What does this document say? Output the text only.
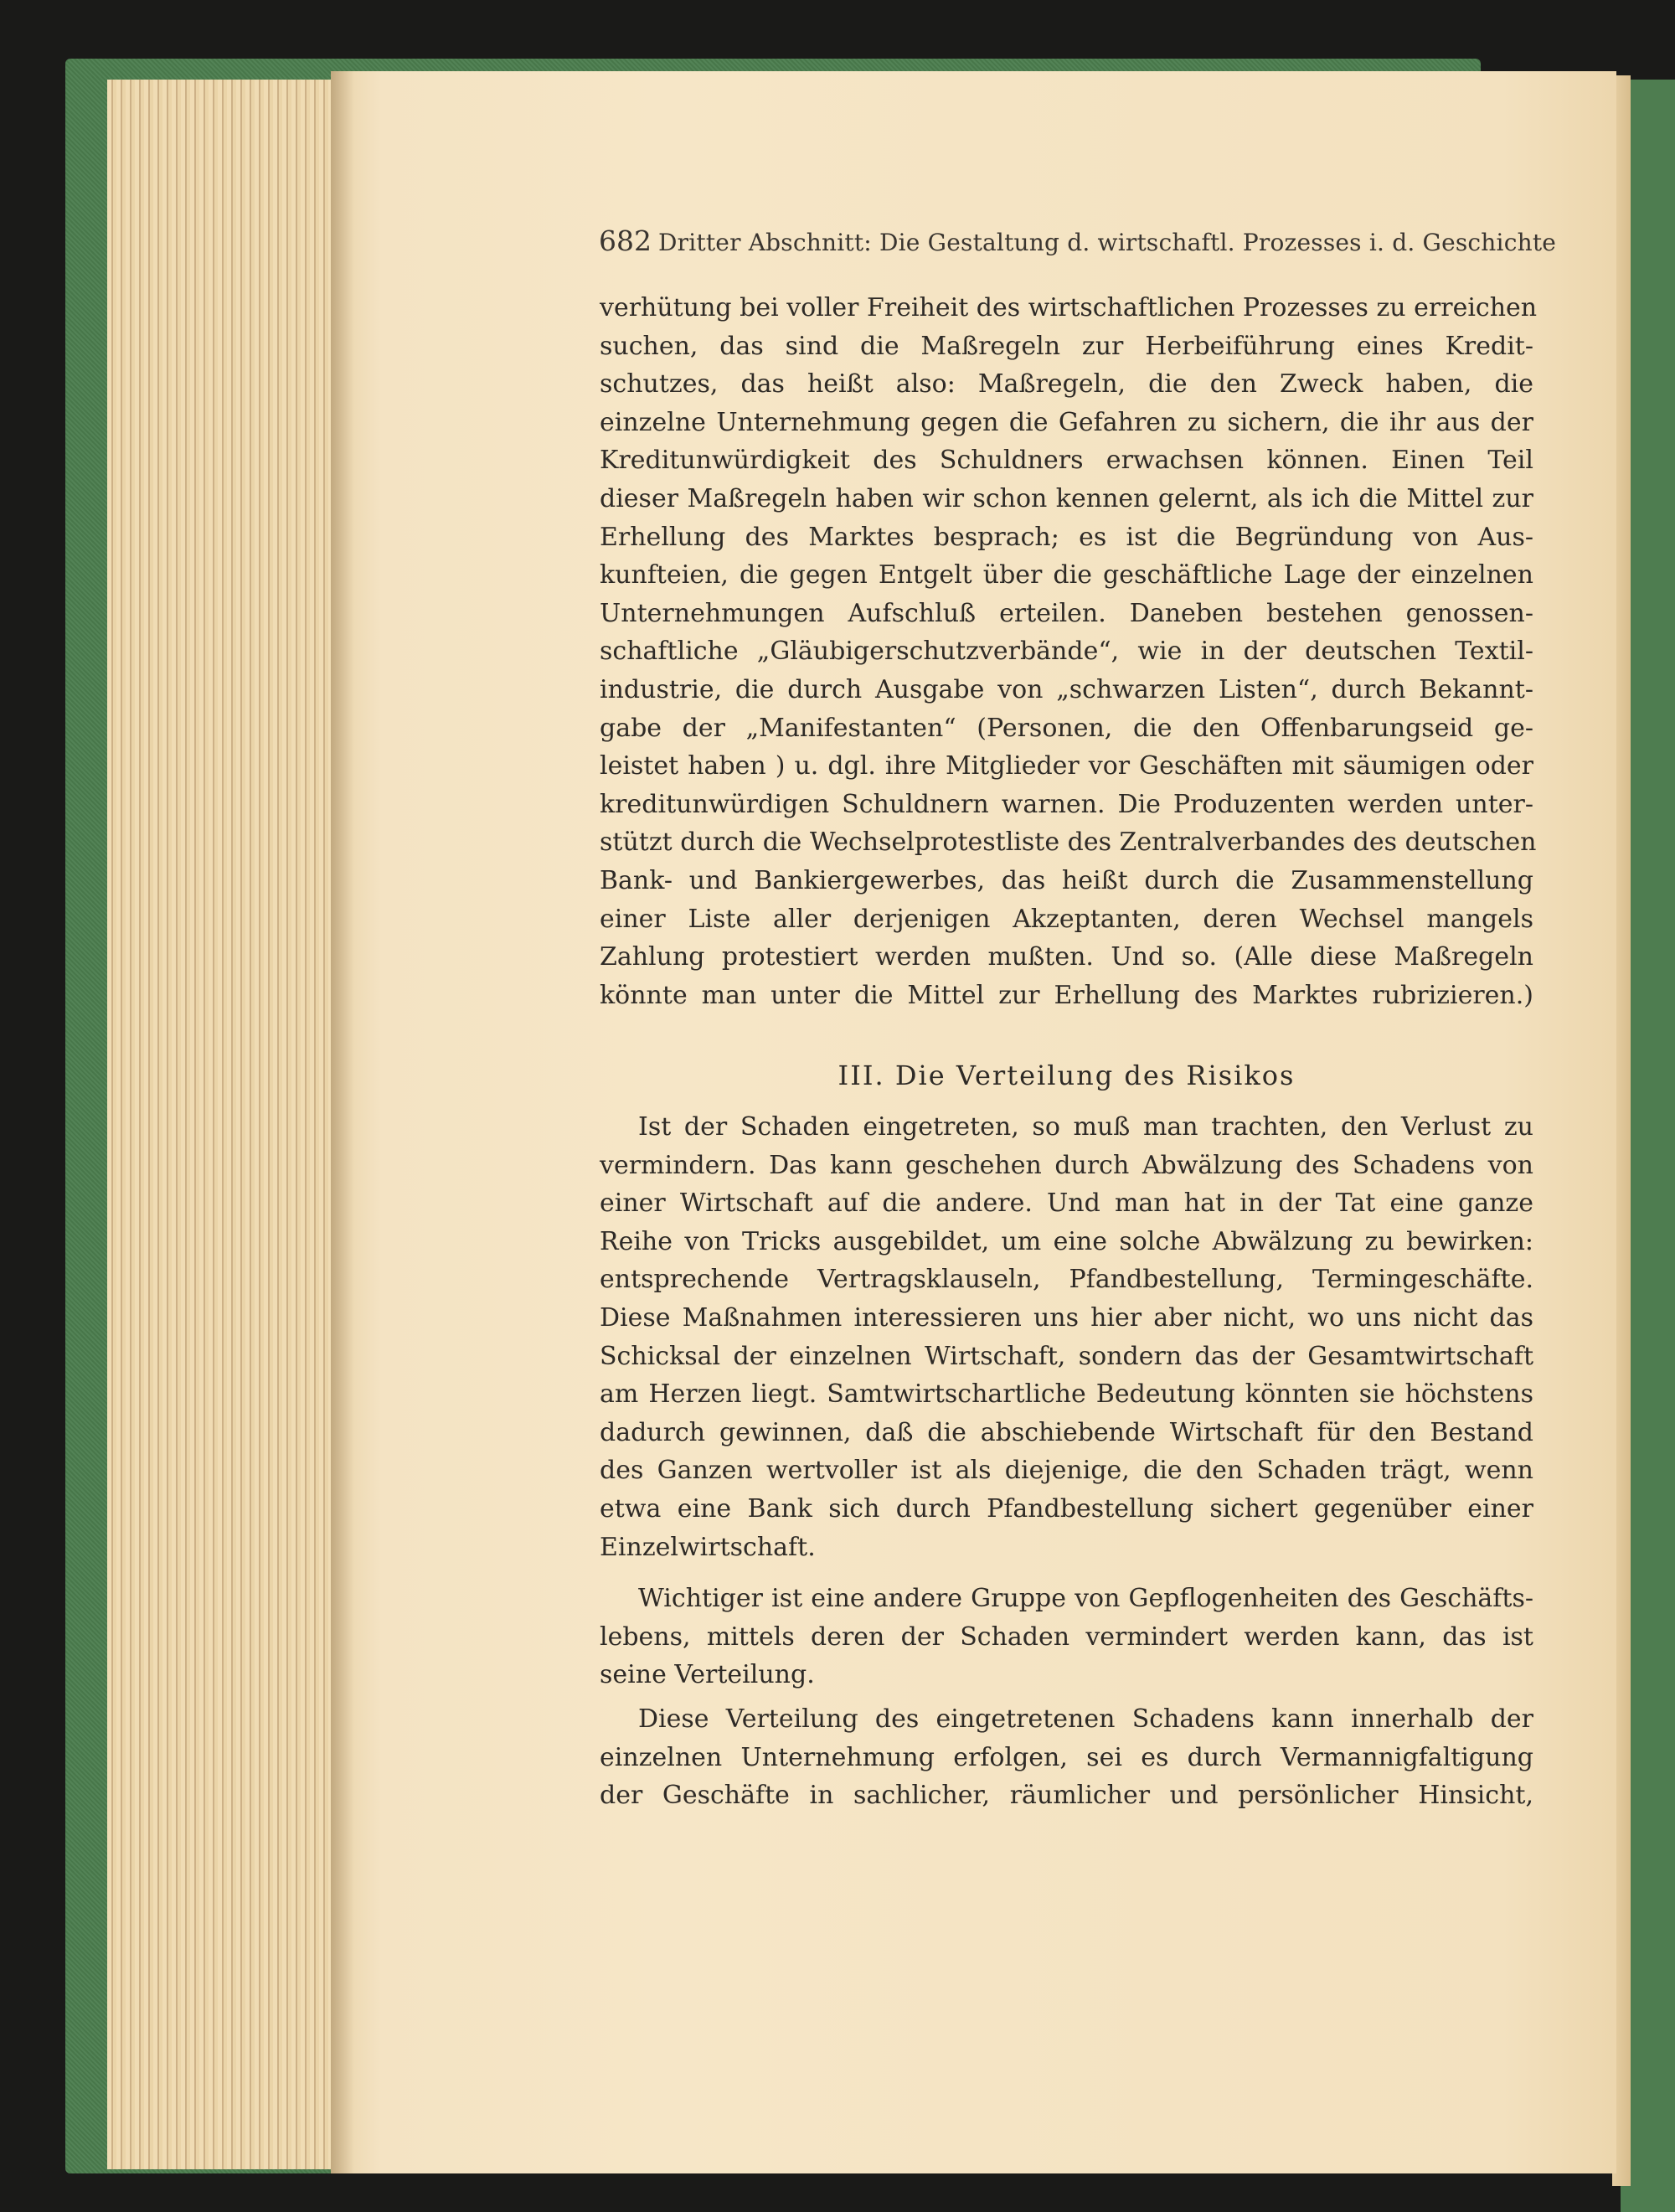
682 Dritter Abschnitt: Die Gestaltung d. wirtschaftl. Prozesses i. d. Geschichte
verhütung bei voller Freiheit des wirtschaftlichen Prozesses zu erreichen
suchen, das sind die Maßregeln zur Herbeiführung eines Kredit-
schutzes, das heißt also: Maßregeln, die den Zweck haben, die
einzelne Unternehmung gegen die Gefahren zu sichern, die ihr aus der
Kreditunwürdigkeit des Schuldners erwachsen können. Einen Teil
dieser Maßregeln haben wir schon kennen gelernt, als ich die Mittel zur
Erhellung des Marktes besprach; es ist die Begründung von Aus-
kunfteien, die gegen Entgelt über die geschäftliche Lage der einzelnen
Unternehmungen Aufschluß erteilen. Daneben bestehen genossen-
schaftliche „Gläubigerschutzverbände“, wie in der deutschen Textil-
industrie, die durch Ausgabe von „schwarzen Listen“, durch Bekannt-
gabe der „Manifestanten“ (Personen, die den Offenbarungseid ge-
leistet haben ) u. dgl. ihre Mitglieder vor Geschäften mit säumigen oder
kreditunwürdigen Schuldnern warnen. Die Produzenten werden unter-
stützt durch die Wechselprotestliste des Zentralverbandes des deutschen
Bank- und Bankiergewerbes, das heißt durch die Zusammenstellung
einer Liste aller derjenigen Akzeptanten, deren Wechsel mangels
Zahlung protestiert werden mußten. Und so. (Alle diese Maßregeln
könnte man unter die Mittel zur Erhellung des Marktes rubrizieren.)
III. Die Verteilung des Risikos
Ist der Schaden eingetreten, so muß man trachten, den Verlust zu
vermindern. Das kann geschehen durch Abwälzung des Schadens von
einer Wirtschaft auf die andere. Und man hat in der Tat eine ganze
Reihe von Tricks ausgebildet, um eine solche Abwälzung zu bewirken:
entsprechende Vertragsklauseln, Pfandbestellung, Termingeschäfte.
Diese Maßnahmen interessieren uns hier aber nicht, wo uns nicht das
Schicksal der einzelnen Wirtschaft, sondern das der Gesamtwirtschaft
am Herzen liegt. Samtwirtschartliche Bedeutung könnten sie höchstens
dadurch gewinnen, daß die abschiebende Wirtschaft für den Bestand
des Ganzen wertvoller ist als diejenige, die den Schaden trägt, wenn
etwa eine Bank sich durch Pfandbestellung sichert gegenüber einer
Einzelwirtschaft.
Wichtiger ist eine andere Gruppe von Gepflogenheiten des Geschäfts-
lebens, mittels deren der Schaden vermindert werden kann, das ist
seine Verteilung.
Diese Verteilung des eingetretenen Schadens kann innerhalb der
einzelnen Unternehmung erfolgen, sei es durch Vermannigfaltigung
der Geschäfte in sachlicher, räumlicher und persönlicher Hinsicht,
